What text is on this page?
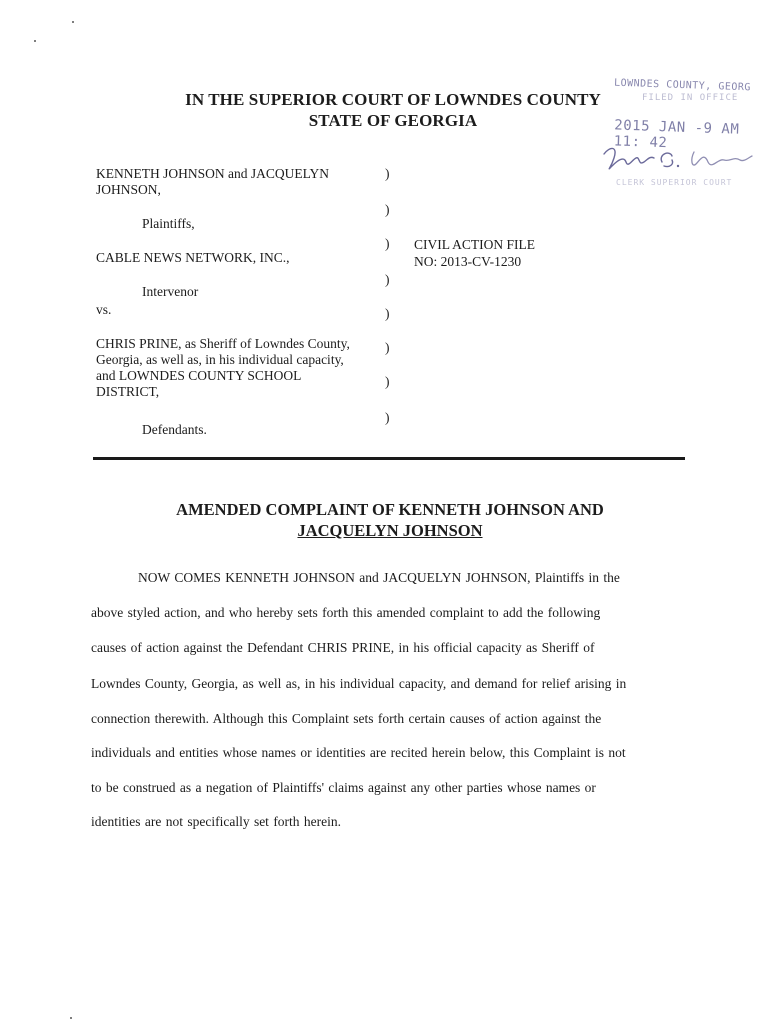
IN THE SUPERIOR COURT OF LOWNDES COUNTY
STATE OF GEORGIA
LOWNDES COUNTY, GEORG
FILED IN OFFICE
2015 JAN -9 AM 11: 42
CLERK SUPERIOR COURT
KENNETH JOHNSON and JACQUELYN
JOHNSON,
Plaintiffs,
CABLE NEWS NETWORK, INC.,
Intervenor
vs.
CHRIS PRINE, as Sheriff of Lowndes County,
Georgia, as well as, in his individual capacity,
and LOWNDES COUNTY SCHOOL
DISTRICT,
Defendants.
)
)
)
)
)
)
)
)
CIVIL ACTION FILE
NO: 2013-CV-1230
AMENDED COMPLAINT OF KENNETH JOHNSON AND
JACQUELYN JOHNSON
NOW COMES KENNETH JOHNSON and JACQUELYN JOHNSON, Plaintiffs in the
above styled action, and who hereby sets forth this amended complaint to add the following
causes of action against the Defendant CHRIS PRINE, in his official capacity as Sheriff of
Lowndes County, Georgia, as well as, in his individual capacity, and demand for relief arising in
connection therewith. Although this Complaint sets forth certain causes of action against the
individuals and entities whose names or identities are recited herein below, this Complaint is not
to be construed as a negation of Plaintiffs' claims against any other parties whose names or
identities are not specifically set forth herein.
